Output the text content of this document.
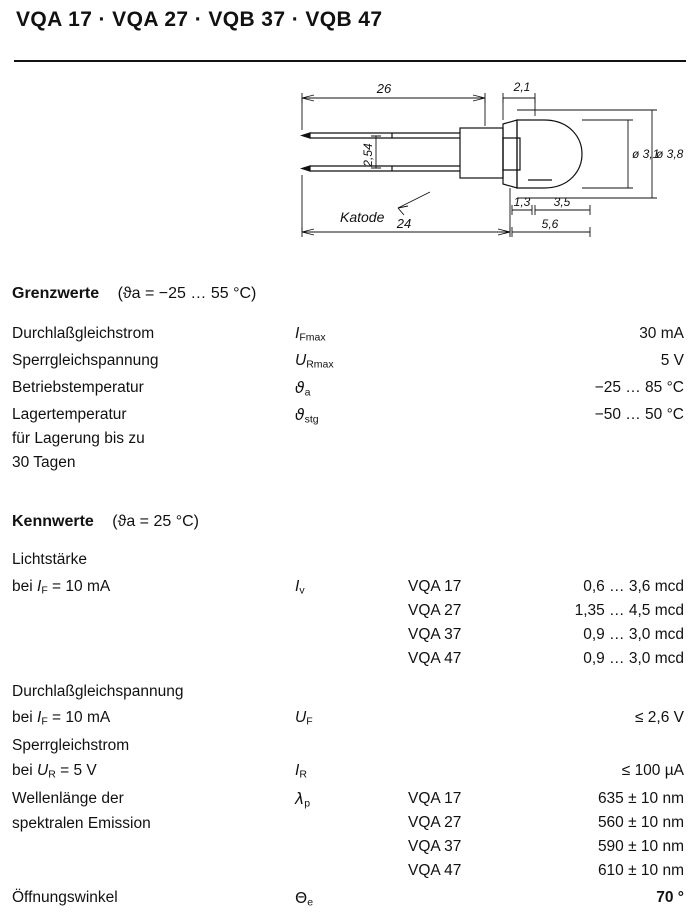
VQA 17 · VQA 27 · VQB 37 · VQB 47
26	2,1
2,54
24
1,3 3,5
5,6
ø 3,1
ø 3,8
Katode
Grenzwerte (ϑa = −25 … 55 °C)
Durchlaßgleichstrom	$I_{Fmax}$	30 mA
Sperrgleichspannung	$U_{Rmax}$	5 V
Betriebstemperatur	$ϑ_a$	−25 … 85 °C
Lagertemperatur	$ϑ_{stg}$	−50 … 50 °C
für Lagerung bis zu
30 Tagen
Kennwerte (ϑa = 25 °C)
Lichtstärke
bei $I_F = 10$ mA	$I_v$	VQA 17	0,6 … 3,6 mcd
VQA 27	1,35 … 4,5 mcd
VQA 37	0,9 … 3,0 mcd
VQA 47	0,9 … 3,0 mcd
Durchlaßgleichspannung
bei $I_F = 10$ mA	$U_F$	≤ 2,6 V
Sperrgleichstrom
bei $U_R = 5$ V	$I_R$	≤ 100 µA
Wellenlänge der
spektralen Emission
$\lambda_p$	VQA 17	635 ± 10 nm
VQA 27	560 ± 10 nm
VQA 37	590 ± 10 nm
VQA 47	610 ± 10 nm
Öffnungswinkel	$\Theta_e$	70 °
